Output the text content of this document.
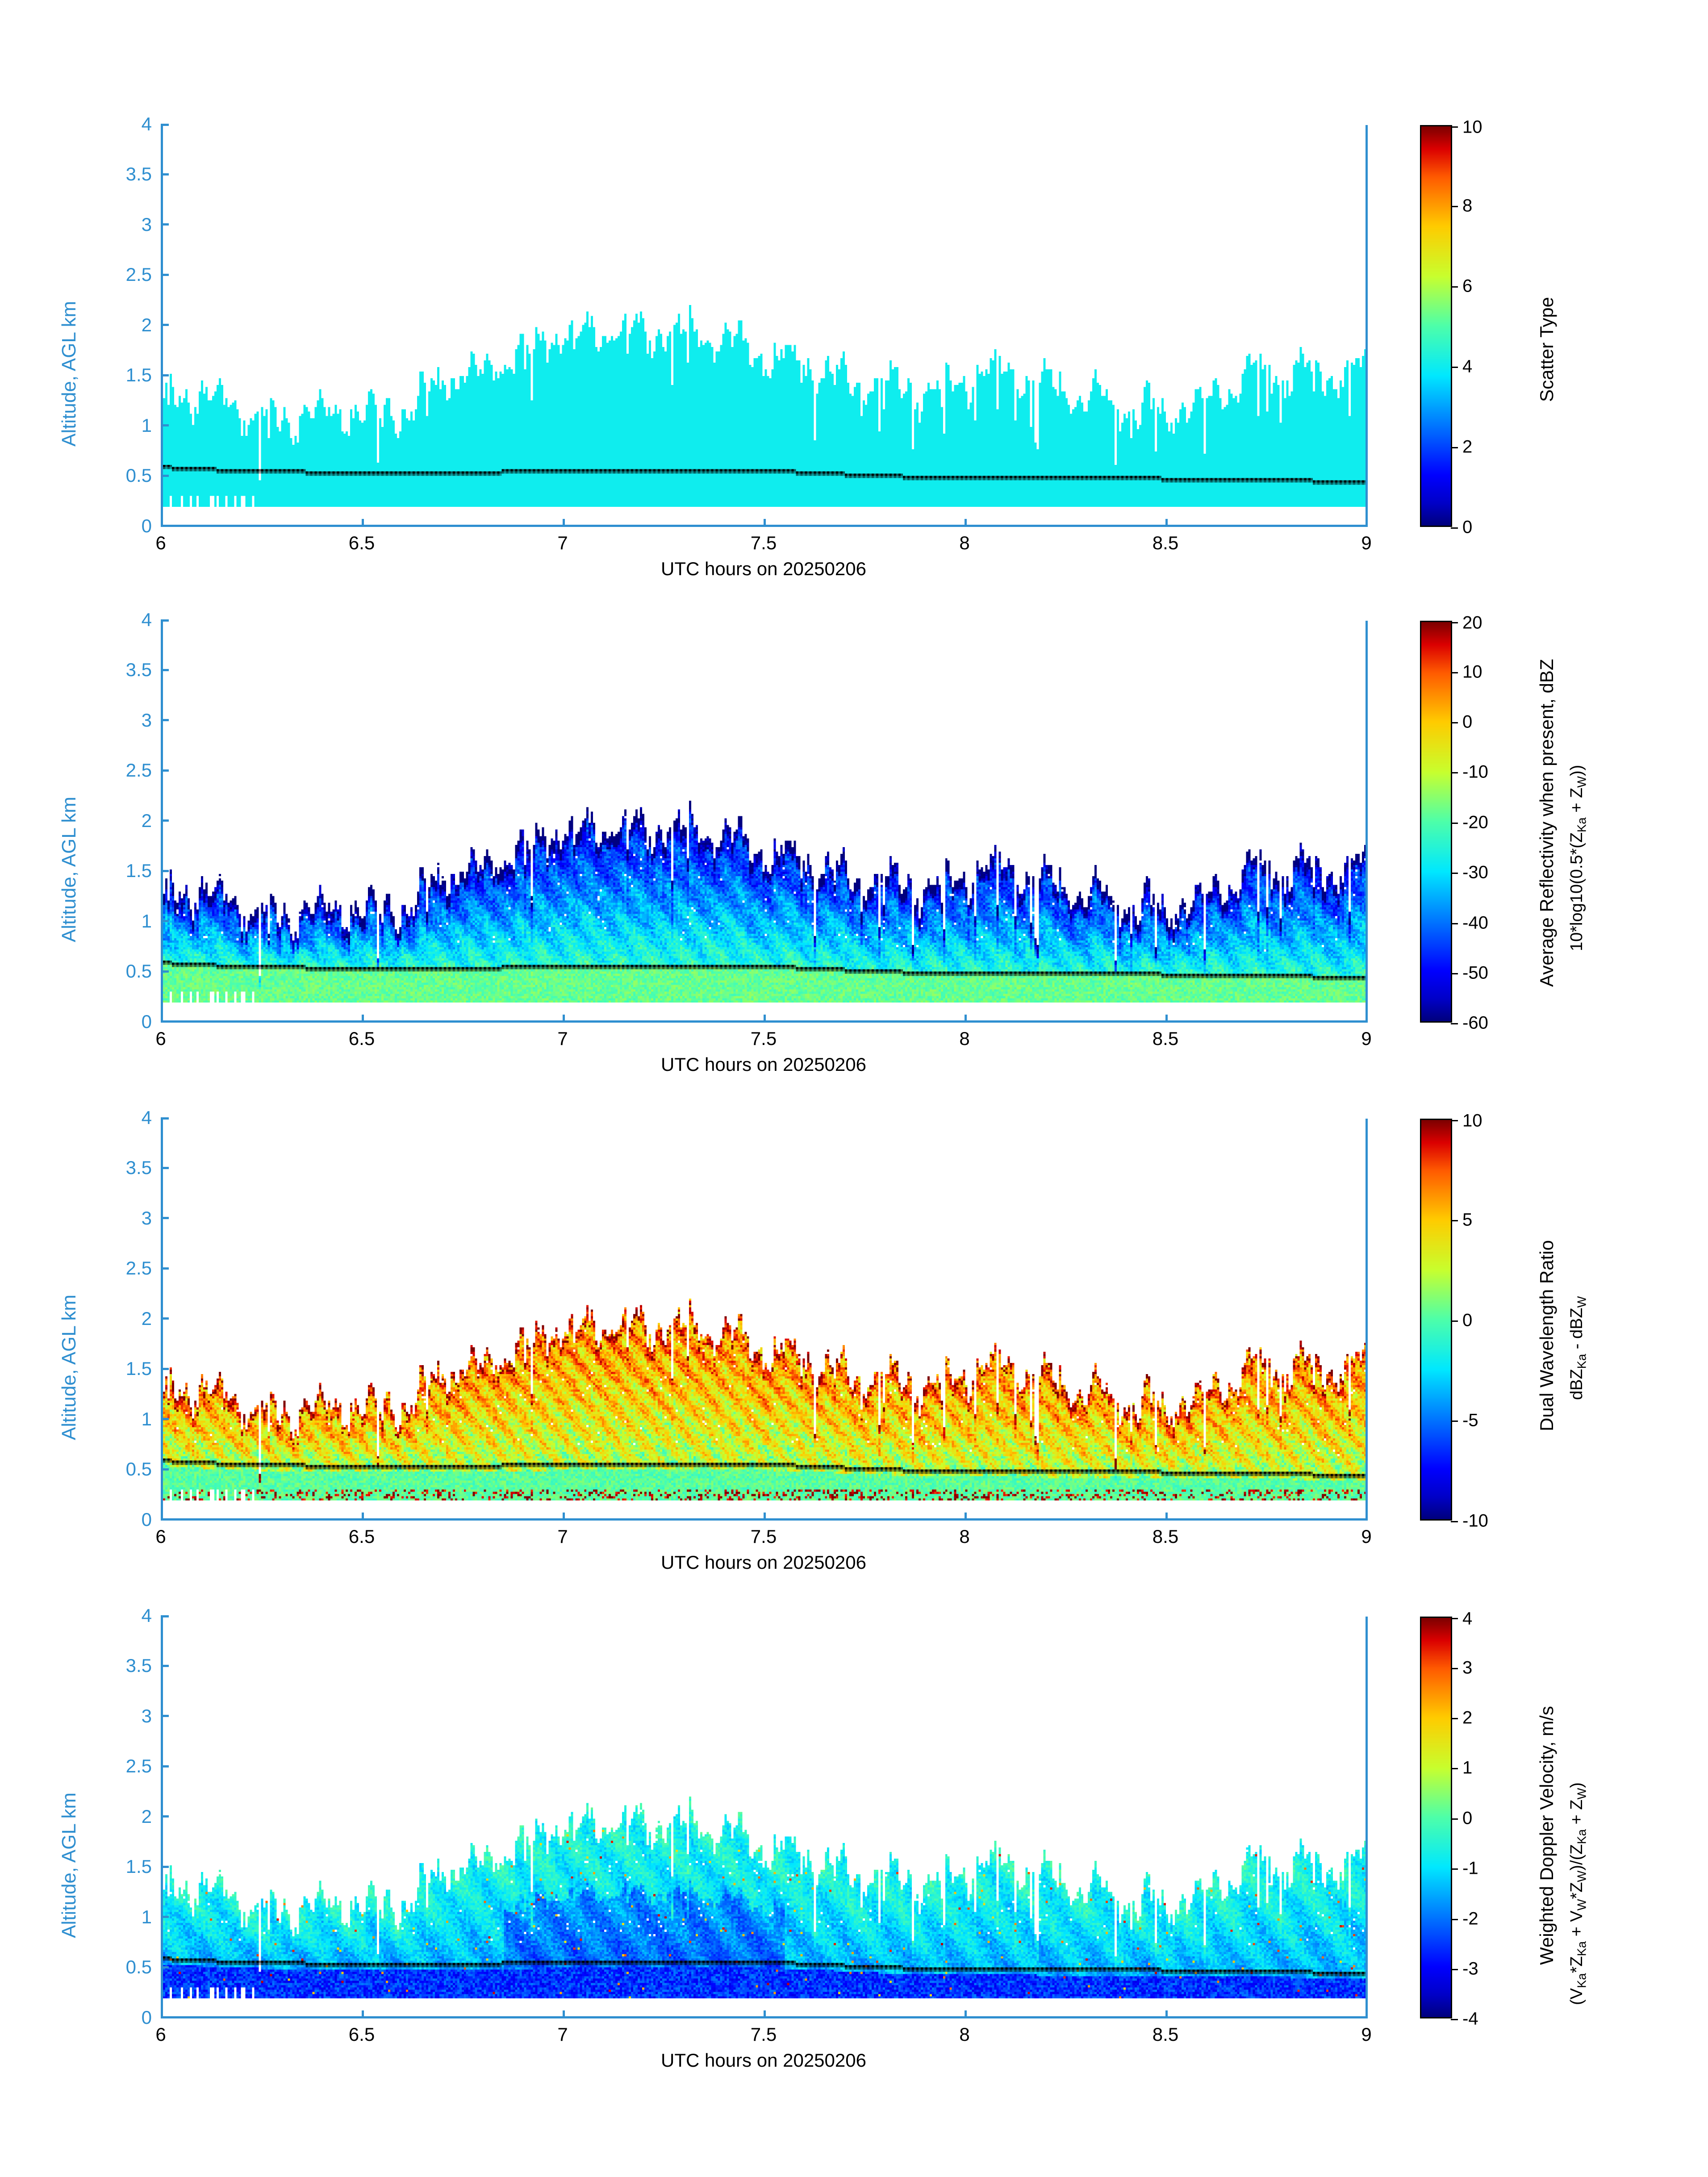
6	6.5	7	7.5	8	8.5	9
0
0.5
1
1.5
2
2.5
3
3.5
4
UTC hours on 20250206
Altitude, AGL km
0
2
4
6
8
10
Scatter Type
6	6.5	7	7.5	8	8.5	9
0
0.5
1
1.5
2
2.5
3
3.5
4
UTC hours on 20250206
Altitude, AGL km
-60
-50
-40
-30
-20
-10
0
10
20
Average Reflectivity when present, dBZ $10*\log 10(0.5*(Z_{Ka} + Z_W))$
6	6.5	7	7.5	8	8.5	9
0
0.5
1
1.5
2
2.5
3
3.5
4
UTC hours on 20250206
Altitude, AGL km
-10
-5
0
5
10
Dual Wavelength Ratio dBZ$_{Ka}$ - dBZ$_W$
6	6.5	7	7.5	8	8.5	9
0
0.5
1
1.5
2
2.5
3
3.5
4
UTC hours on 20250206
Altitude, AGL km
-4
-3
-2
-1
0
1
2
3
4
Weighted Doppler Velocity, m/s
$(V_{Ka}*Z_{Ka} + V_W*Z_W)/(Z_{Ka} + Z_W)$
